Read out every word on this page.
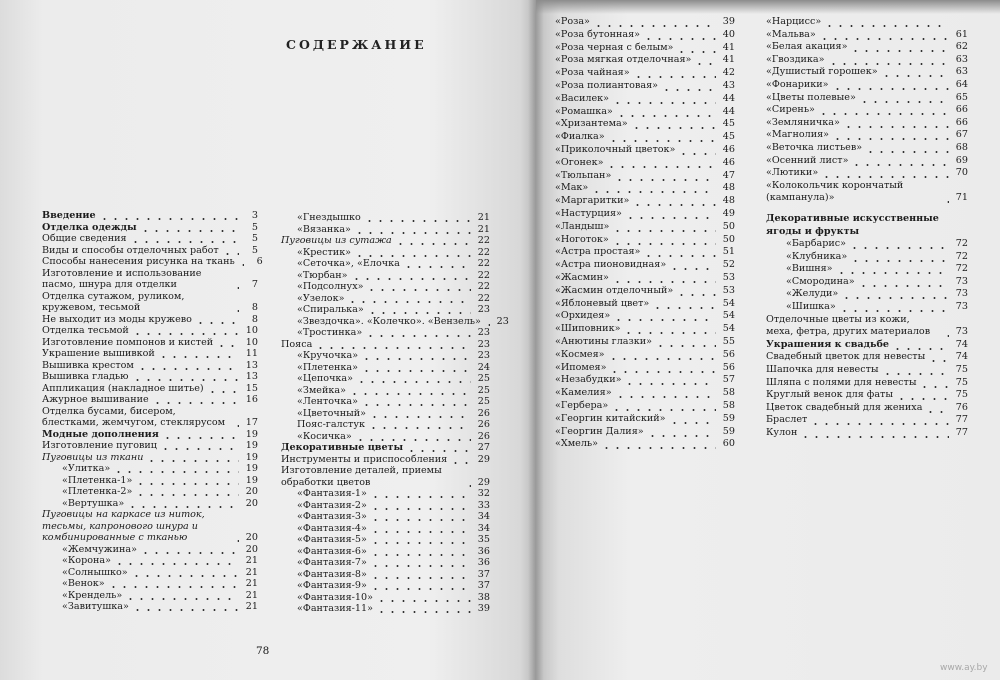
СОДЕРЖАНИЕ
Введение	3
Отделка одежды	5
Общие сведения	5
Виды и способы отделочных работ	5
Способы нанесения рисунка на ткань	6
Изготовление и использование пасмо, шнура для отделки	7
Отделка сутажом, руликом, кружевом, тесьмой	8
Не выходит из моды кружево	8
Отделка тесьмой	10
Изготовление помпонов и кистей	10
Украшение вышивкой	11
Вышивка крестом	13
Вышивка гладью	13
Аппликация (накладное шитье)	15
Ажурное вышивание	16
Отделка бусами, бисером, блестками, жемчугом, стеклярусом	17
Модные дополнения	19
Изготовление пуговиц	19
Пуговицы из ткани	19
«Улитка»	19
«Плетенка-1»	19
«Плетенка-2»	20
«Вертушка»	20
Пуговицы на каркасе из ниток, тесьмы, капронового шнура и комбинированные с тканью	20
«Жемчужина»	20
«Корона»	21
«Солнышко»	21
«Венок»	21
«Крендель»	21
«Завитушка»	21
«Гнездышко	21
«Вязанка»	21
Пуговицы из сутажа	22
«Крестик»	22
«Сеточка», «Елочка	22
«Тюрбан»	22
«Подсолнух»	22
«Узелок»	22
«Спиралька»	23
«Звездочка». «Колечко». «Вензель»	23
«Тростинка»	23
Пояса	23
«Кручочка»	23
«Плетенка»	24
«Цепочка»	25
«Змейка»	25
«Ленточка»	25
«Цветочный»	26
Пояс-галстук	26
«Косичка»	26
Декоративные цветы	27
Инструменты и приспособления	29
Изготовление деталей, приемы обработки цветов	29
«Фантазия-1»	32
«Фантазия-2»	33
«Фантазия-3»	34
«Фантазия-4»	34
«Фантазия-5»	35
«Фантазия-6»	36
«Фантазия-7»	36
«Фантазия-8»	37
«Фантазия-9»	37
«Фантазия-10»	38
«Фантазия-11»	39
«Роза»	39
«Роза бутонная»	40
«Роза черная с белым»	41
«Роза мягкая отделочная»	41
«Роза чайная»	42
«Роза полиантовая»	43
«Василек»	44
«Ромашка»	44
«Хризантема»	45
«Фиалка»	45
«Приколочный цветок»	46
«Огонек»	46
«Тюльпан»	47
«Мак»	48
«Маргаритки»	48
«Настурция»	49
«Ландыш»	50
«Ноготок»	50
«Астра простая»	51
«Астра пионовидная»	52
«Жасмин»	53
«Жасмин отделочный»	53
«Яблоневый цвет»	54
«Орхидея»	54
«Шиповник»	54
«Анютины глазки»	55
«Космея»	56
«Ипомея»	56
«Незабудки»	57
«Камелия»	58
«Гербера»	58
«Георгин китайский»	59
«Георгин Далия»	59
«Хмель»	60
«Нарцисс»
«Мальва»	61
«Белая акация»	62
«Гвоздика»	63
«Душистый горошек»	63
«Фонарики»	64
«Цветы полевые»	65
«Сирень»	66
«Земляничка»	66
«Магнолия»	67
«Веточка листьев»	68
«Осенний лист»	69
«Лютики»	70
«Колокольчик корончатый (кампанула)»	71
Декоративные искусственные ягоды и фрукты
«Барбарис»	72
«Клубника»	72
«Вишня»	72
«Смородина»	73
«Желуди»	73
«Шишка»	73
Отделочные цветы из кожи, меха, фетра, других материалов	73
Украшения к свадьбе	74
Свадебный цветок для невесты	74
Шапочка для невесты	75
Шляпа с полями для невесты	75
Круглый венок для фаты	75
Цветок свадебный для жениха	76
Браслет	77
Кулон	77
78
www.ay.by
